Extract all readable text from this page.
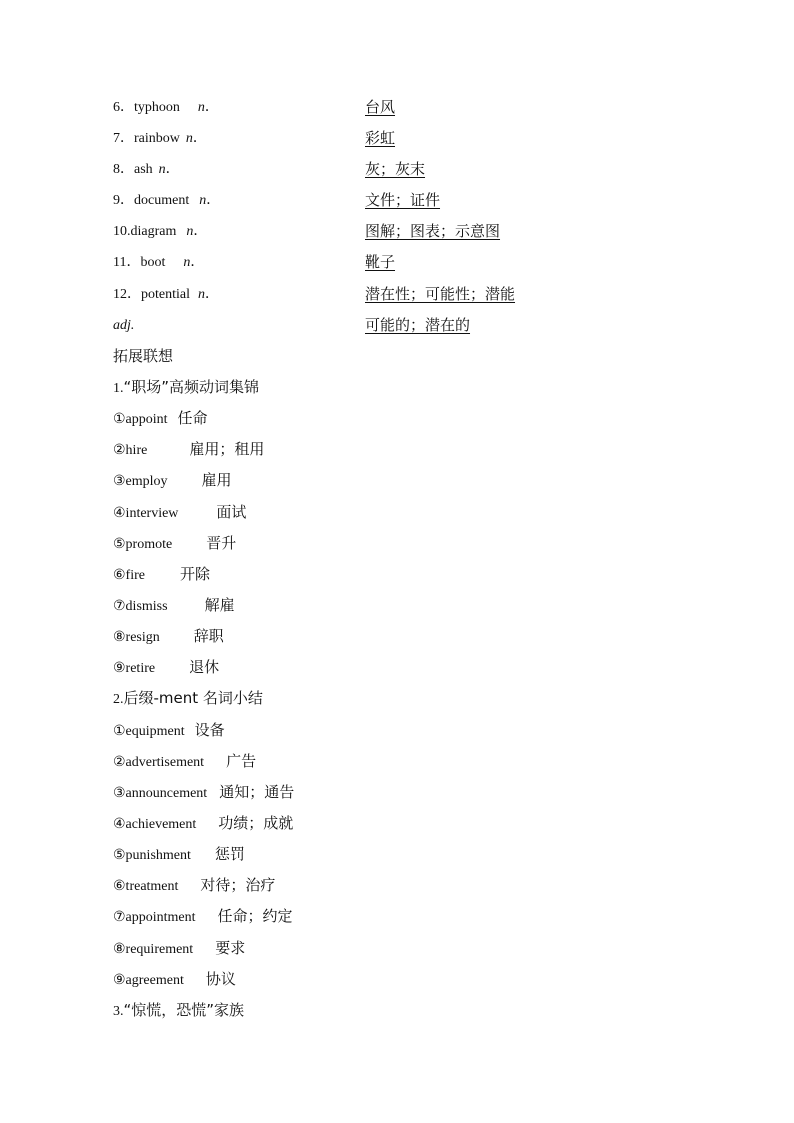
6．typhoon n．	台风
7．rainbow n．	彩虹
8．ash n．	灰；灰末
9．document n．	文件；证件
10.diagram n．	图解；图表；示意图
11．boot n．	靴子
12．potential n．	潜在性；可能性；潜能
adj.	可能的；潜在的
拓展联想
1.“职场”高频动词集锦
①appoint 任命
②hire	雇用；租用
③employ 雇用
④interview	面试
⑤promote 晋升
⑥fire 开除
⑦dismiss 解雇
⑧resign 辞职
⑨retire 退休
2.后缀-ment 名词小结
①equipment 设备
②advertisement 广告
③announcement 通知；通告
④achievement 功绩；成就
⑤punishment 惩罚
⑥treatment 对待；治疗
⑦appointment 任命；约定
⑧requirement 要求
⑨agreement 协议
3.“惊慌，恐慌”家族
